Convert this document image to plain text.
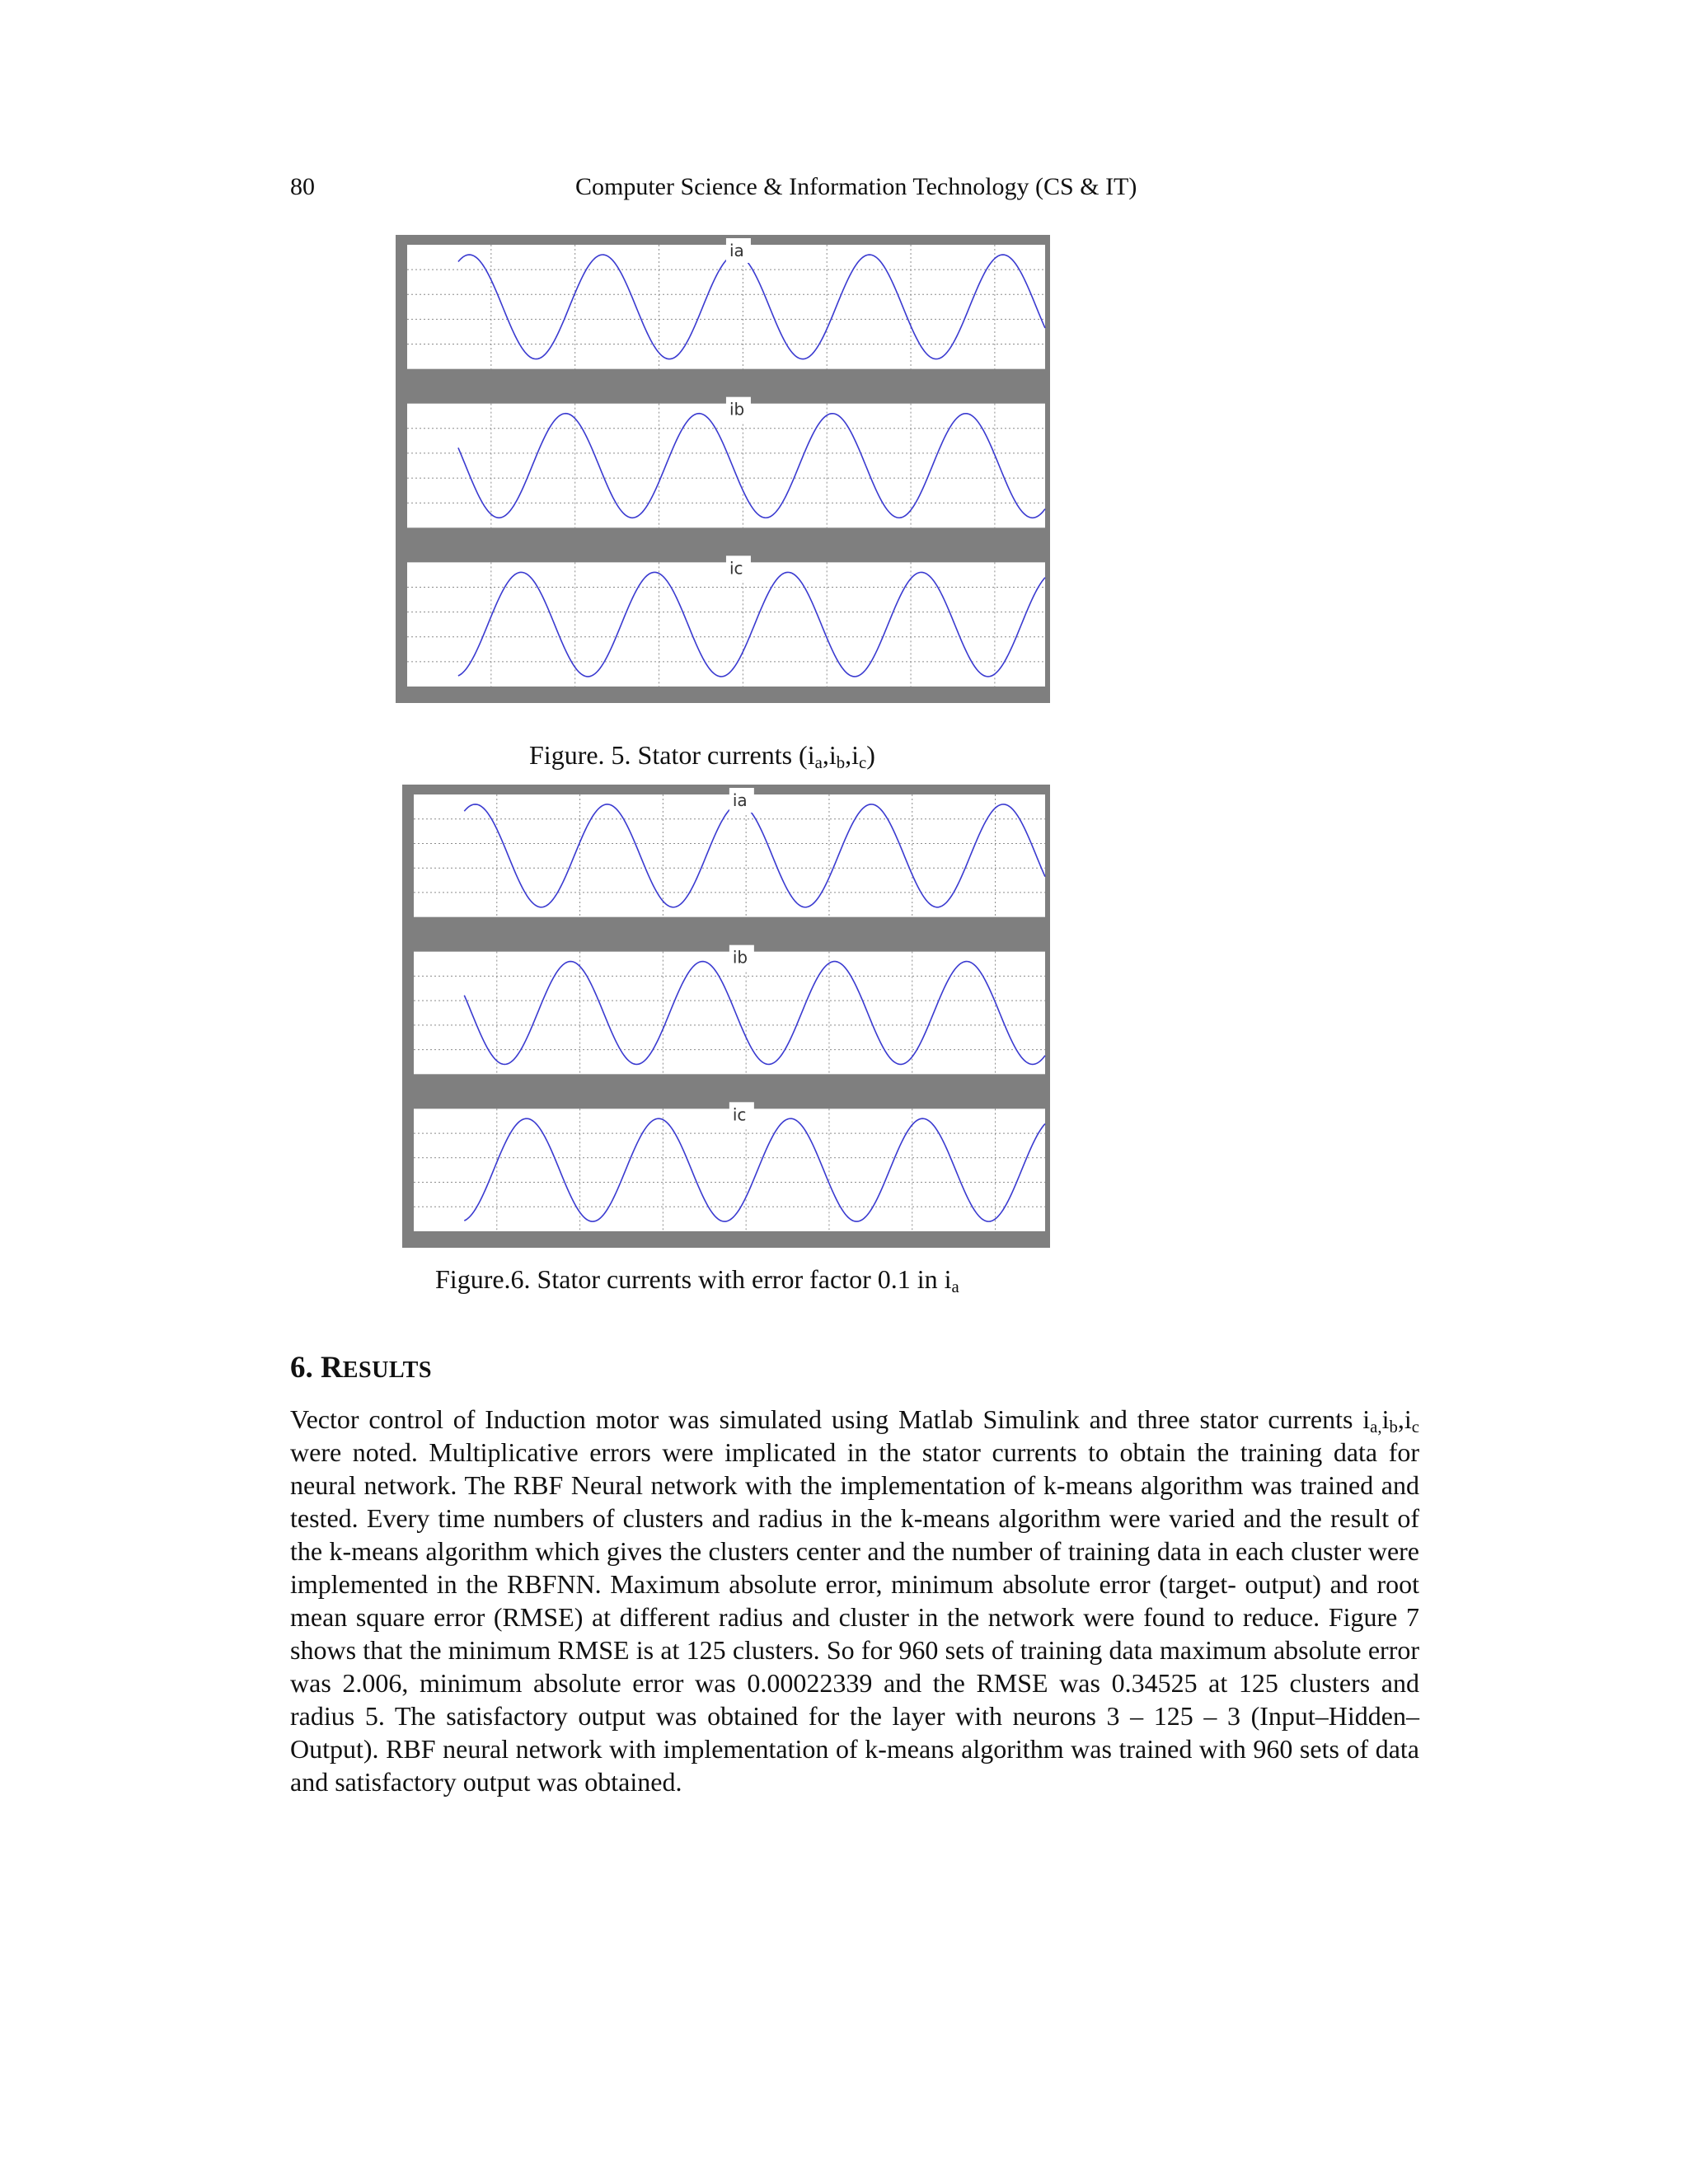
80	Computer Science & Information Technology (CS & IT)
ia
ib
ic
Figure. 5. Stator currents $(i_a,i_b,i_c)$
ia
ib
ic
Figure.6. Stator currents with error factor 0.1 in $i_a$
6. RESULTS
Vector control of Induction motor was simulated using Matlab Simulink and three stator currents $i_{a,}i_b,i_c$ were noted. Multiplicative errors were implicated in the stator currents to obtain the training data for neural network. The RBF Neural network with the implementation of k-means algorithm was trained and tested. Every time numbers of clusters and radius in the k-means algorithm were varied and the result of the k-means algorithm which gives the clusters center and the number of training data in each cluster were implemented in the RBFNN. Maximum absolute error, minimum absolute error (target- output) and root mean square error (RMSE) at different radius and cluster in the network were found to reduce. Figure 7 shows that the minimum RMSE is at 125 clusters. So for 960 sets of training data maximum absolute error was 2.006, minimum absolute error was 0.00022339 and the RMSE was 0.34525 at 125 clusters and radius 5. The satisfactory output was obtained for the layer with neurons 3 – 125 – 3 (Input–Hidden–Output). RBF neural network with implementation of k-means algorithm was trained with 960 sets of data and satisfactory output was obtained.
